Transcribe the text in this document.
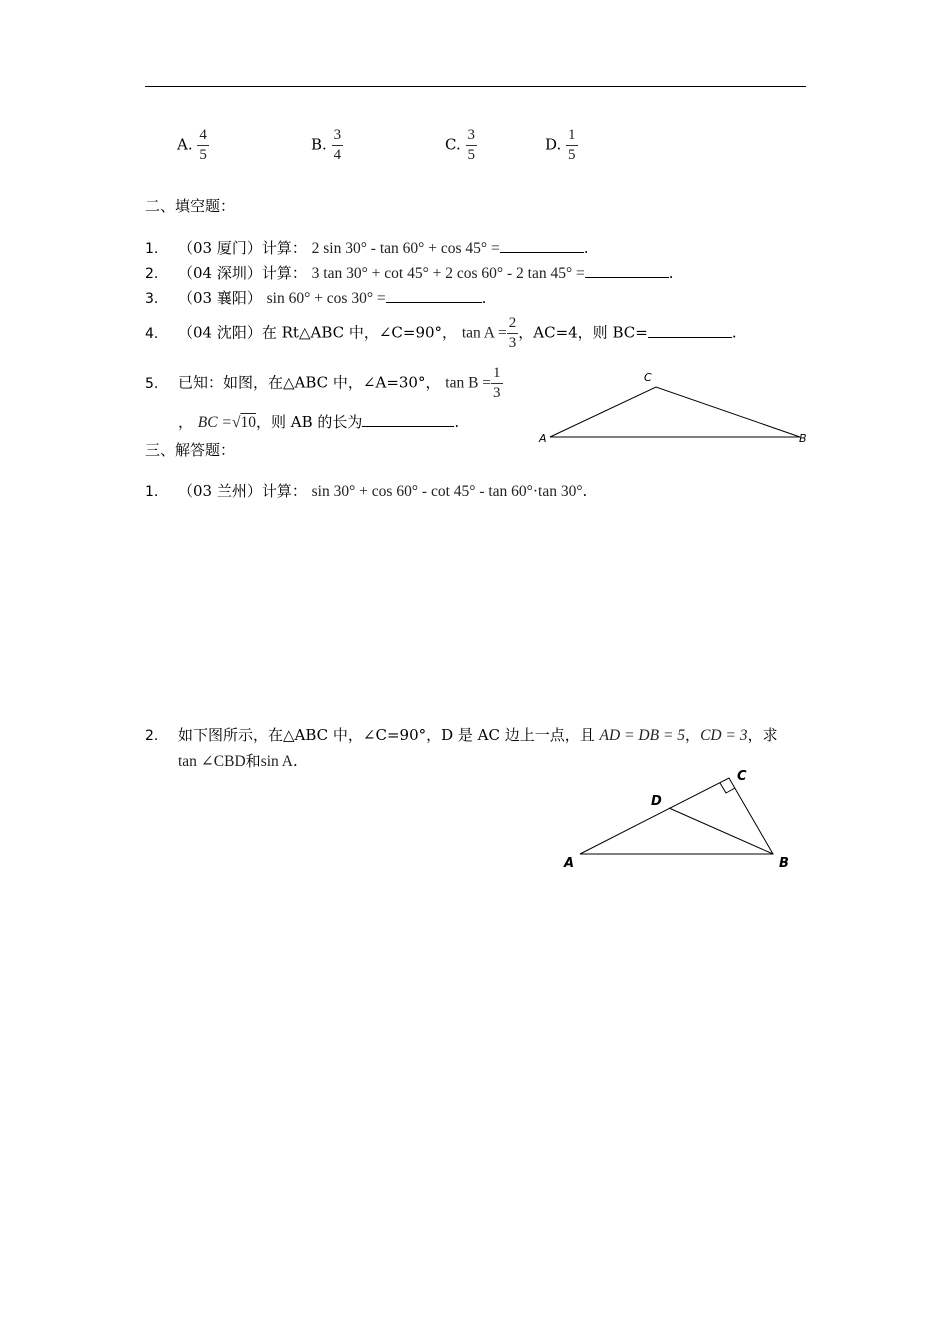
A. $\frac{4}{5}$	B. $\frac{3}{4}$	C. $\frac{3}{5}$	D. $\frac{1}{5}$
二、填空题：
1. （03 厦门）计算： 2 sin 30° - tan 60° + cos 45° =	.
2. （04 深圳）计算： 3 tan 30° + cot 45° + 2 cos 60° - 2 tan 45° =	.
3. （03 襄阳） sin 60° + cos 30° =	.
4. （04 沈阳）在 Rt△ABC 中，∠C=90°， $\tan A = \frac{2}{3}$ ，AC=4，则 BC=	.
5. 已知：如图，在△ABC 中，∠A=30°， $\tan B = \frac{1}{3}$
， BC =√10，则 AB 的长为	.
A
C
B
三、解答题：
1. （03 兰州）计算： sin 30° + cos 60° - cot 45° - tan 60°·tan 30°.
2. 如下图所示，在△ABC 中，∠C=90°，D 是 AC 边上一点，且 AD = DB = 5，CD = 3，求
tan ∠CBD和sin A.
A	B
C
D
